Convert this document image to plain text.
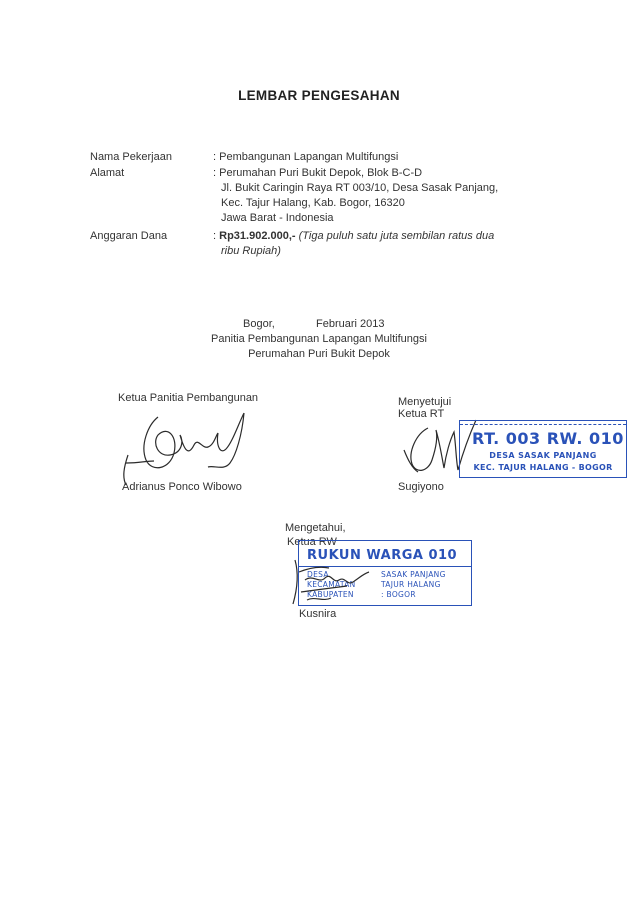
LEMBAR PENGESAHAN
Nama Pekerjaan	: Pembangunan Lapangan Multifungsi
Alamat	: Perumahan Puri Bukit Depok, Blok B-C-D
Jl. Bukit Caringin Raya RT 003/10, Desa Sasak Panjang,
Kec. Tajur Halang, Kab. Bogor, 16320
Jawa Barat - Indonesia
Anggaran Dana	: Rp31.902.000,- (Tiga puluh satu juta sembilan ratus dua
ribu Rupiah)
Bogor,	Februari 2013
Panitia Pembangunan Lapangan Multifungsi
Perumahan Puri Bukit Depok
Ketua Panitia Pembangunan
Adrianus Ponco Wibowo
Menyetujui
Ketua RT
Sugiyono
RT. 003 RW. 010
DESA SASAK PANJANG
KEC. TAJUR HALANG - BOGOR
Mengetahui,
Ketua RW
RUKUN WARGA 010
DESA	SASAK PANJANG
KECAMATAN	TAJUR HALANG
KABUPATEN	: BOGOR
Kusnira
